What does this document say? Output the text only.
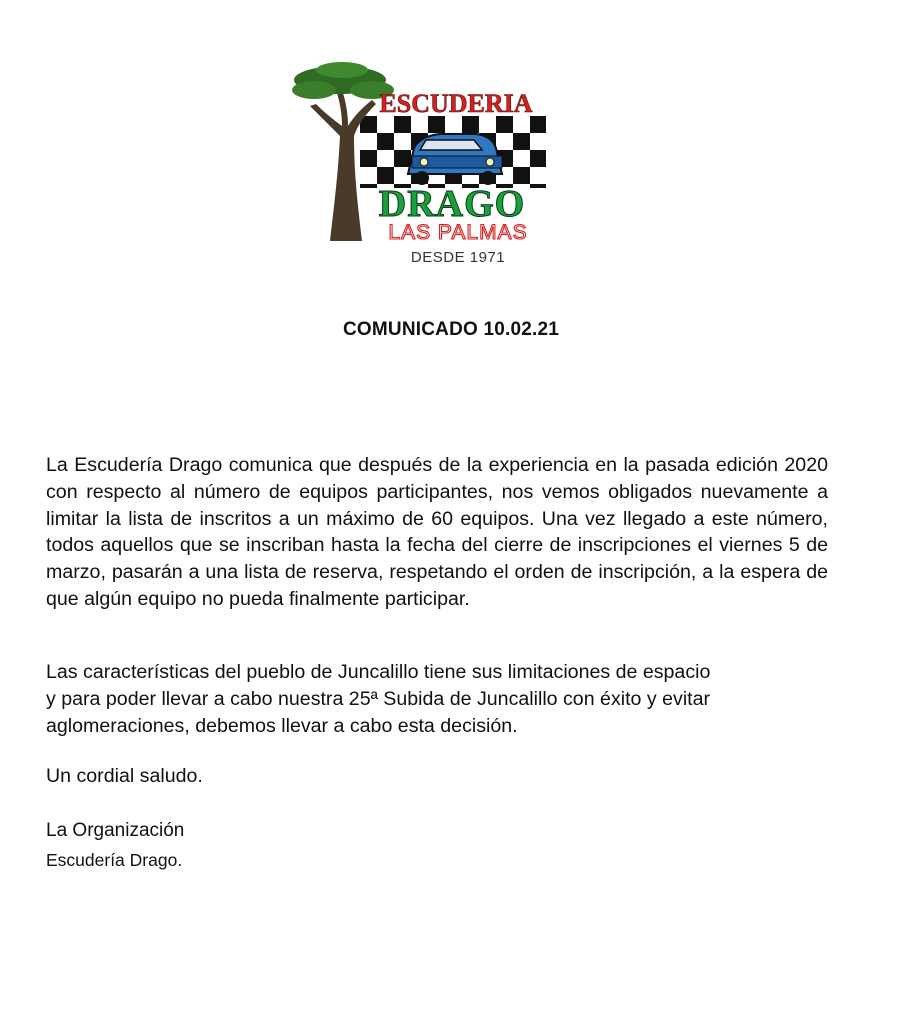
ESCUDERIA
DRAGO
LAS PALMAS
DESDE 1971
COMUNICADO 10.02.21
La Escudería Drago comunica que después de la experiencia en la pasada edición 2020 con respecto al número de equipos participantes, nos vemos obligados nuevamente a limitar la lista de inscritos a un máximo de 60 equipos. Una vez llegado a este número, todos aquellos que se inscriban hasta la fecha del cierre de inscripciones el viernes 5 de marzo, pasarán a una lista de reserva, respetando el orden de inscripción, a la espera de que algún equipo no pueda finalmente participar.
Las características del pueblo de Juncalillo tiene sus limitaciones de espacio
y para poder llevar a cabo nuestra 25ª Subida de Juncalillo con éxito y evitar
aglomeraciones, debemos llevar a cabo esta decisión.
Un cordial saludo.
La Organización
Escudería Drago.
